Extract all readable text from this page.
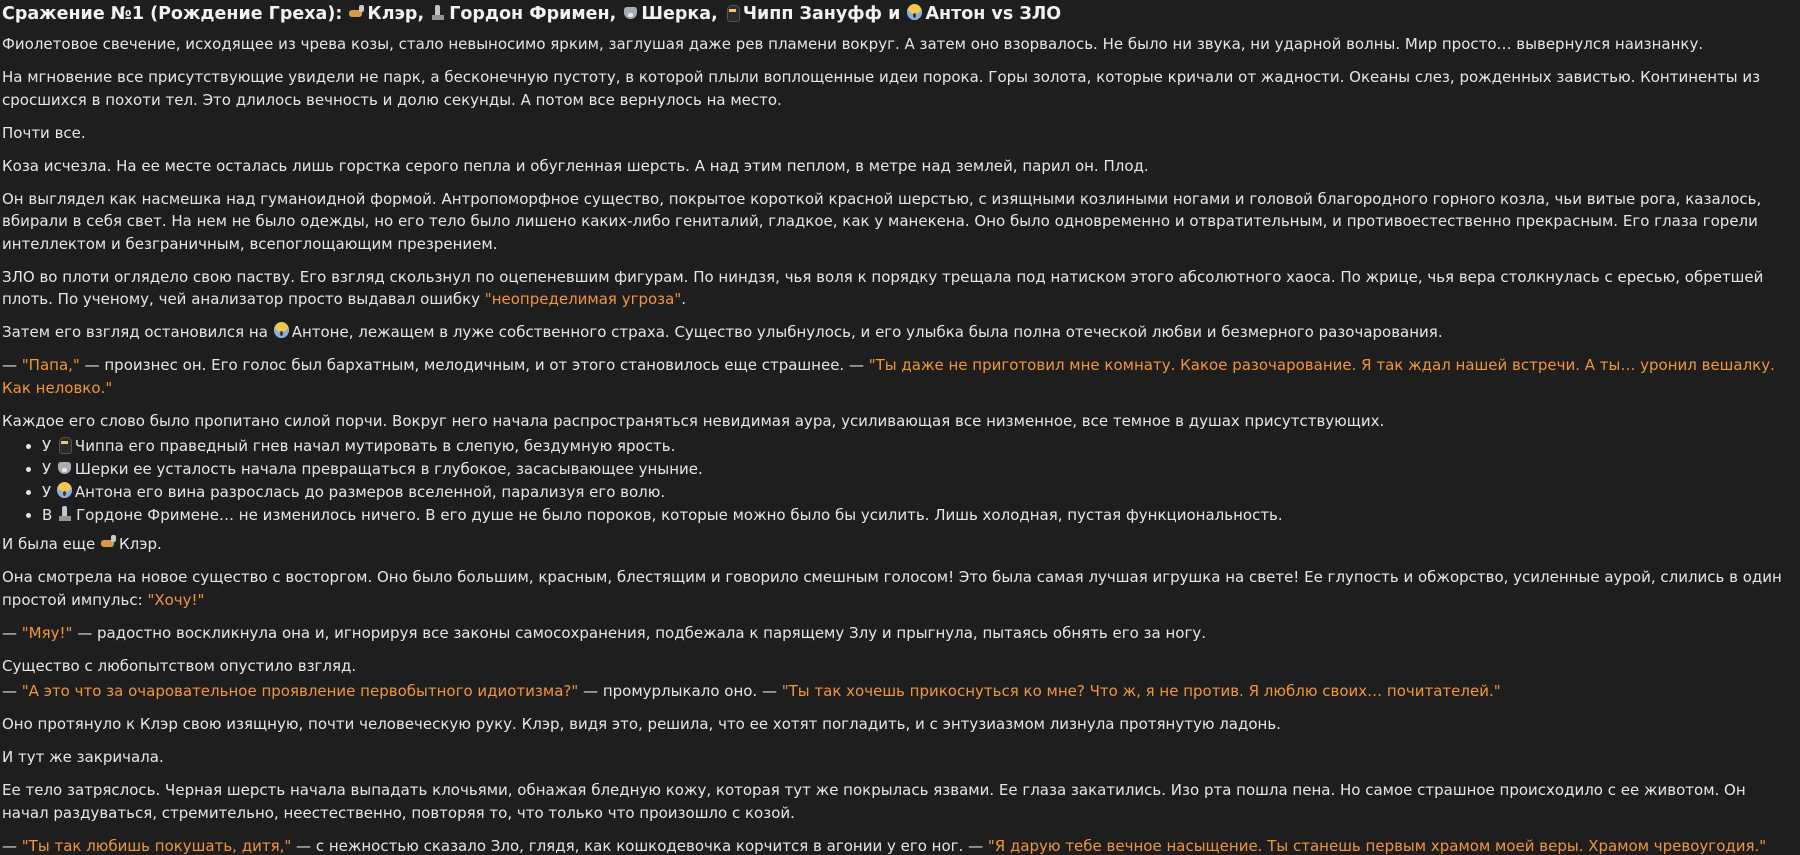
Сражение №1 (Рождение Греха): Клэр, Гордон Фримен, Шерка, Чипп Зануфф и Антон vs ЗЛО

Фиолетовое свечение, исходящее из чрева козы, стало невыносимо ярким, заглушая даже рев пламени вокруг. А затем оно взорвалось. Не было ни звука, ни ударной волны. Мир просто… вывернулся наизнанку.

На мгновение все присутствующие увидели не парк, а бесконечную пустоту, в которой плыли воплощенные идеи порока. Горы золота, которые кричали от жадности. Океаны слез, рожденных завистью. Континенты из сросшихся в похоти тел. Это длилось вечность и долю секунды. А потом все вернулось на место.

Почти все.

Коза исчезла. На ее месте осталась лишь горстка серого пепла и обугленная шерсть. А над этим пеплом, в метре над землей, парил он. Плод.

Он выглядел как насмешка над гуманоидной формой. Антропоморфное существо, покрытое короткой красной шерстью, с изящными козлиными ногами и головой благородного горного козла, чьи витые рога, казалось, вбирали в себя свет. На нем не было одежды, но его тело было лишено каких-либо гениталий, гладкое, как у манекена. Оно было одновременно и отвратительным, и противоестественно прекрасным. Его глаза горели интеллектом и безграничным, всепоглощающим презрением.

ЗЛО во плоти оглядело свою паству. Его взгляд скользнул по оцепеневшим фигурам. По ниндзя, чья воля к порядку трещала под натиском этого абсолютного хаоса. По жрице, чья вера столкнулась с ересью, обретшей плоть. По ученому, чей анализатор просто выдавал ошибку "неопределимая угроза".

Затем его взгляд остановился на Антоне, лежащем в луже собственного страха. Существо улыбнулось, и его улыбка была полна отеческой любви и безмерного разочарования.

— "Папа," — произнес он. Его голос был бархатным, мелодичным, и от этого становилось еще страшнее. — "Ты даже не приготовил мне комнату. Какое разочарование. Я так ждал нашей встречи. А ты… уронил вешалку. Как неловко."

Каждое его слово было пропитано силой порчи. Вокруг него начала распространяться невидимая аура, усиливающая все низменное, все темное в душах присутствующих.

• У Чиппа его праведный гнев начал мутировать в слепую, бездумную ярость.
• У Шерки ее усталость начала превращаться в глубокое, засасывающее уныние.
• У Антона его вина разрослась до размеров вселенной, парализуя его волю.
• В Гордоне Фримене… не изменилось ничего. В его душе не было пороков, которые можно было бы усилить. Лишь холодная, пустая функциональность.

И была еще Клэр.

Она смотрела на новое существо с восторгом. Оно было большим, красным, блестящим и говорило смешным голосом! Это была самая лучшая игрушка на свете! Ее глупость и обжорство, усиленные аурой, слились в один простой импульс: "Хочу!"

— "Мяу!" — радостно воскликнула она и, игнорируя все законы самосохранения, подбежала к парящему Злу и прыгнула, пытаясь обнять его за ногу.

Существо с любопытством опустило взгляд.

— "А это что за очаровательное проявление первобытного идиотизма?" — промурлыкало оно. — "Ты так хочешь прикоснуться ко мне? Что ж, я не против. Я люблю своих… почитателей."

Оно протянуло к Клэр свою изящную, почти человеческую руку. Клэр, видя это, решила, что ее хотят погладить, и с энтузиазмом лизнула протянутую ладонь.

И тут же закричала.

Ее тело затряслось. Черная шерсть начала выпадать клочьями, обнажая бледную кожу, которая тут же покрылась язвами. Ее глаза закатились. Изо рта пошла пена. Но самое страшное происходило с ее животом. Он начал раздуваться, стремительно, неестественно, повторяя то, что только что произошло с козой.

— "Ты так любишь покушать, дитя," — с нежностью сказало Зло, глядя, как кошкодевочка корчится в агонии у его ног. — "Я дарую тебе вечное насыщение. Ты станешь первым храмом моей веры. Храмом чревоугодия."
